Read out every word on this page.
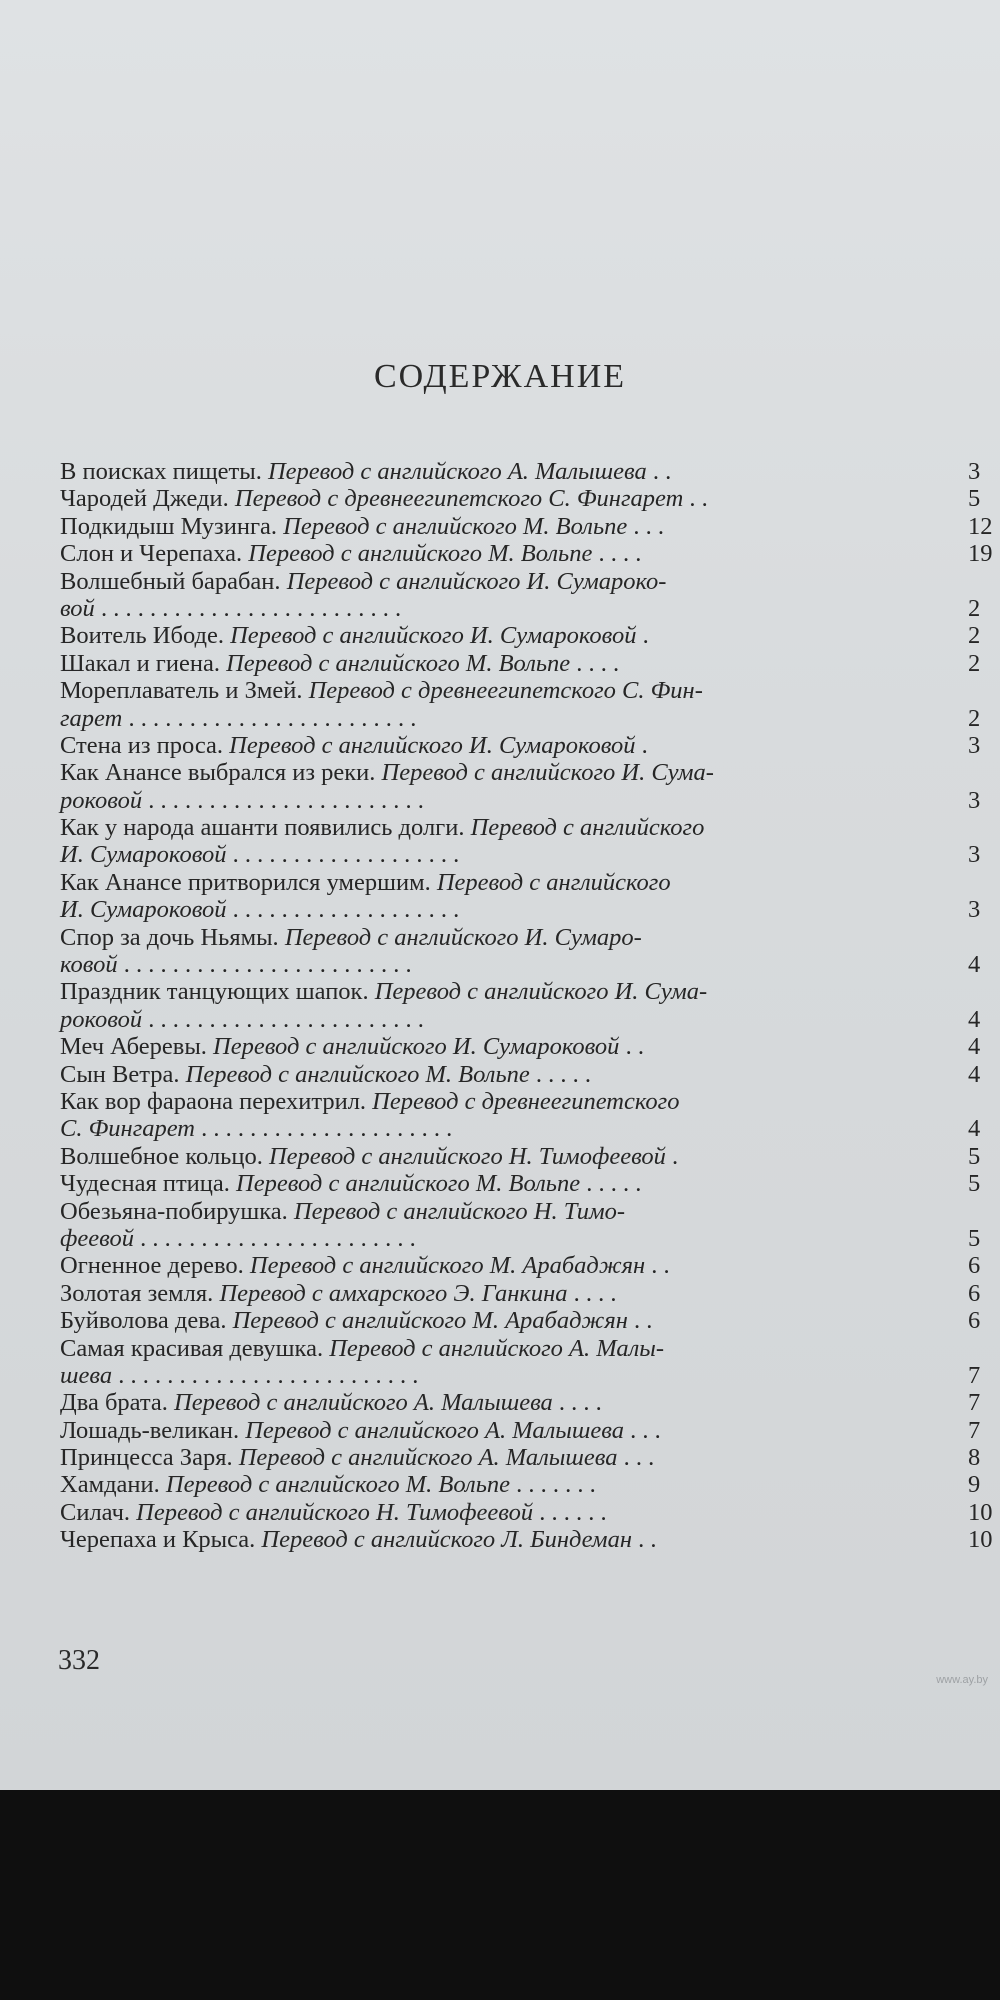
СОДЕРЖАНИЕ
В поисках пищеты. Перевод с английского А. Малышева . .	3
Чародей Джеди. Перевод с древнеегипетского С. Фингарет . .	5
Подкидыш Музинга. Перевод с английского М. Вольпе . . .	12
Слон и Черепаха. Перевод с английского М. Вольпе . . . .	19
Волшебный барабан. Перевод с английского И. Сумароко-
вой . . . . . . . . . . . . . . . . . . . . . . . . .	2
Воитель Ибоде. Перевод с английского И. Сумароковой .	2
Шакал и гиена. Перевод с английского М. Вольпе . . . .	2
Мореплаватель и Змей. Перевод с древнеегипетского С. Фин-
гарет . . . . . . . . . . . . . . . . . . . . . . . .	2
Стена из проса. Перевод с английского И. Сумароковой .	3
Как Анансе выбрался из реки. Перевод с английского И. Сума-
роковой . . . . . . . . . . . . . . . . . . . . . . .	3
Как у народа ашанти появились долги. Перевод с английского
И. Сумароковой . . . . . . . . . . . . . . . . . . .	3
Как Анансе притворился умершим. Перевод с английского
И. Сумароковой . . . . . . . . . . . . . . . . . . .	3
Спор за дочь Ньямы. Перевод с английского И. Сумаро-
ковой . . . . . . . . . . . . . . . . . . . . . . . .	4
Праздник танцующих шапок. Перевод с английского И. Сума-
роковой . . . . . . . . . . . . . . . . . . . . . . .	4
Меч Аберевы. Перевод с английского И. Сумароковой . .	4
Сын Ветра. Перевод с английского М. Вольпе . . . . .	4
Как вор фараона перехитрил. Перевод с древнеегипетского
С. Фингарет . . . . . . . . . . . . . . . . . . . . .	4
Волшебное кольцо. Перевод с английского Н. Тимофеевой .	5
Чудесная птица. Перевод с английского М. Вольпе . . . . .	5
Обезьяна-побирушка. Перевод с английского Н. Тимо-
феевой . . . . . . . . . . . . . . . . . . . . . . .	5
Огненное дерево. Перевод с английского М. Арабаджян . .	6
Золотая земля. Перевод с амхарского Э. Ганкина . . . .	6
Буйволова дева. Перевод с английского М. Арабаджян . .	6
Самая красивая девушка. Перевод с английского А. Малы-
шева . . . . . . . . . . . . . . . . . . . . . . . . .	7
Два брата. Перевод с английского А. Малышева . . . .	7
Лошадь-великан. Перевод с английского А. Малышева . . .	7
Принцесса Заря. Перевод с английского А. Малышева . . .	8
Хамдани. Перевод с английского М. Вольпе . . . . . . .	9
Силач. Перевод с английского Н. Тимофеевой . . . . . .	10
Черепаха и Крыса. Перевод с английского Л. Биндеман . .	10
332
www.ay.by
